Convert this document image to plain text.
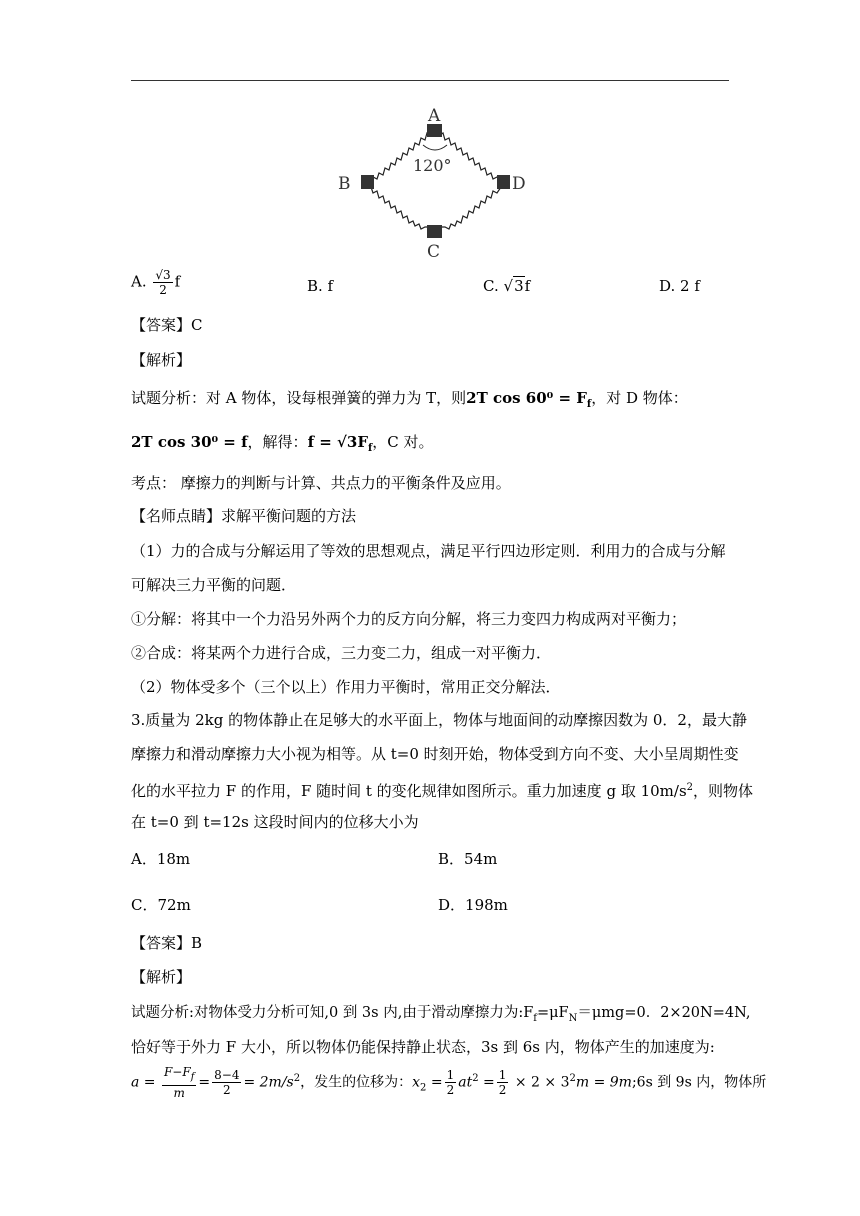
A
B	D
C
120°
A. $\frac{√3}{2}$ f	B. f	C. √3f	D. 2 f
【答案】C
【解析】
试题分析：对 A 物体，设每根弹簧的弹力为 T，则2T $\cos 60^0 = F_f$，对 D 物体：
2T cos 30⁰ = f，解得：$f = √3F_f$，C 对。
考点： 摩擦力的判断与计算、共点力的平衡条件及应用。
【名师点睛】求解平衡问题的方法
（1）力的合成与分解运用了等效的思想观点，满足平行四边形定则．利用力的合成与分解
可解决三力平衡的问题．
①分解：将其中一个力沿另外两个力的反方向分解，将三力变四力构成两对平衡力；
②合成：将某两个力进行合成，三力变二力，组成一对平衡力．
（2）物体受多个（三个以上）作用力平衡时，常用正交分解法．
3.质量为 2kg 的物体静止在足够大的水平面上，物体与地面间的动摩擦因数为 0．2，最大静
摩擦力和滑动摩擦力大小视为相等。从 t=0 时刻开始，物体受到方向不变、大小呈周期性变
化的水平拉力 F 的作用，F 随时间 t 的变化规律如图所示。重力加速度 g 取 $10m/s^2$，则物体
在 t=0 到 t=12s 这段时间内的位移大小为
A．18m	B．54m
C．72m	D．198m
【答案】B
【解析】
试题分析:对物体受力分析可知,0 到 3s 内,由于滑动摩擦力为$:F_f=\mu F_N=\mu mg=0$．2×20N=4N,
恰好等于外力 F 大小，所以物体仍能保持静止状态，3s 到 6s 内，物体产生的加速度为:
$a = \frac{F-F_f}{m} = \frac{8-4}{2} = 2m/s^2$，发生的位移为：$x_2 = \frac{1}{2} at^2 = \frac{1}{2} \times 2 \times 3^2m$ = 9m;6s 到 9s 内，物体所
